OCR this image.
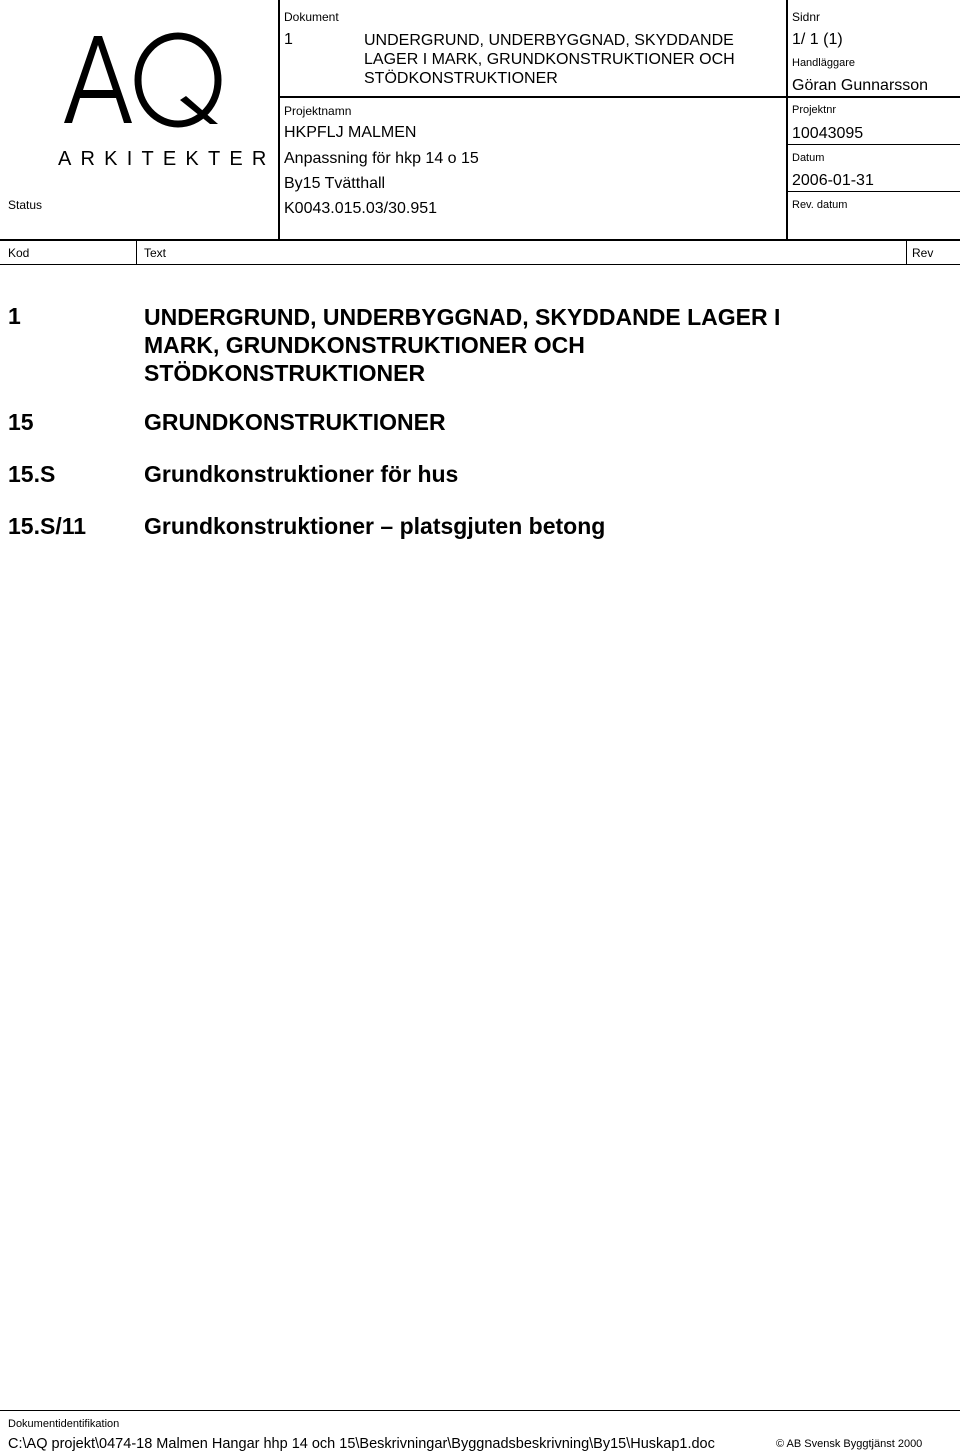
ARKITEKTER
Status
Dokument
1	UNDERGRUND, UNDERBYGGNAD, SKYDDANDE
LAGER I MARK, GRUNDKONSTRUKTIONER OCH
STÖDKONSTRUKTIONER
Projektnamn
HKPFLJ MALMEN
Anpassning för hkp 14 o 15
By15 Tvätthall
K0043.015.03/30.951
Sidnr
1/ 1 (1)
Handläggare
Göran Gunnarsson
Projektnr
10043095
Datum
2006-01-31
Rev. datum
Kod	Text	Rev
1	UNDERGRUND, UNDERBYGGNAD, SKYDDANDE LAGER I
MARK, GRUNDKONSTRUKTIONER OCH
STÖDKONSTRUKTIONER
15	GRUNDKONSTRUKTIONER
15.S	Grundkonstruktioner för hus
15.S/11	Grundkonstruktioner – platsgjuten betong
Dokumentidentifikation
C:\AQ projekt\0474-18 Malmen Hangar hhp 14 och 15\Beskrivningar\Byggnadsbeskrivning\By15\Huskap1.doc	© AB Svensk Byggtjänst 2000
